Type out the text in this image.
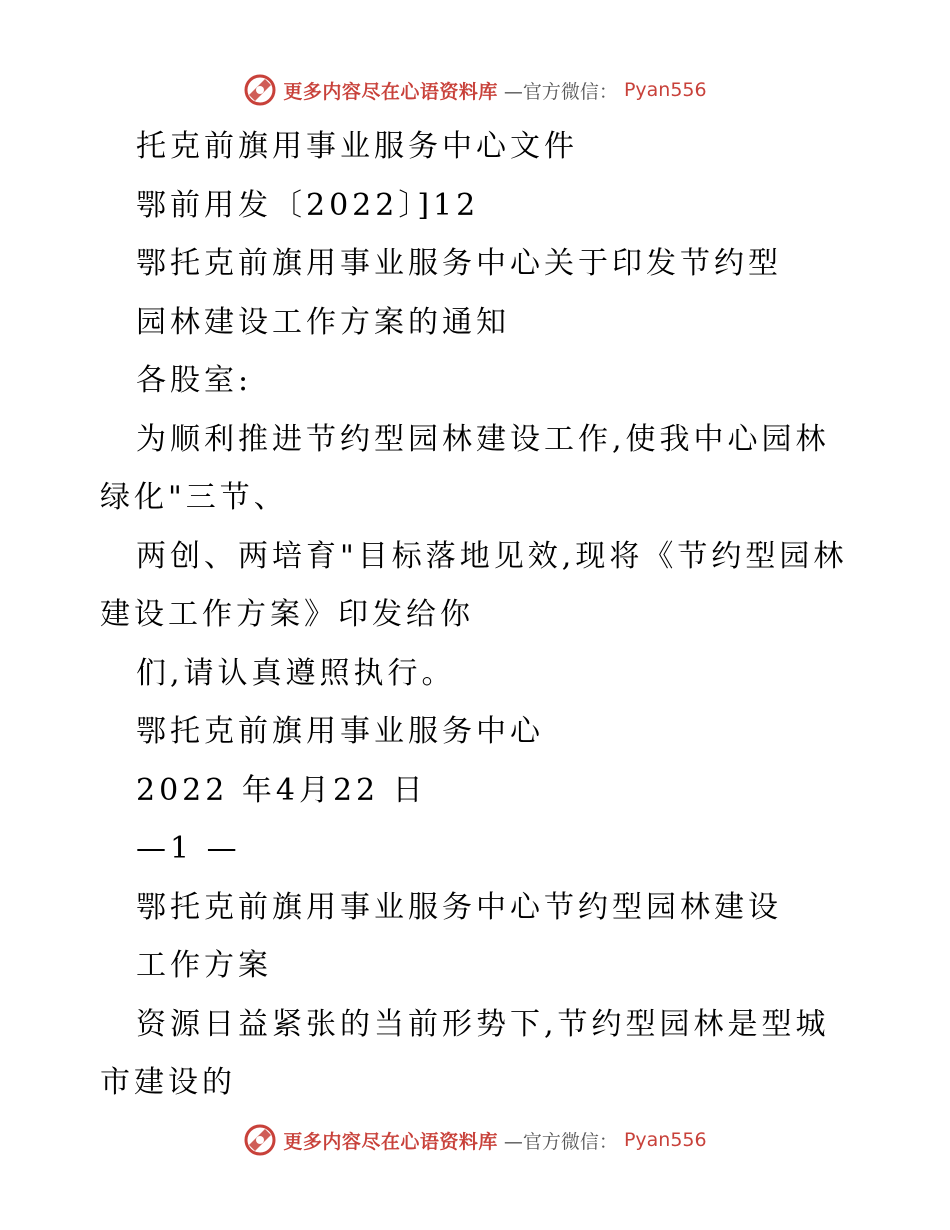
更多内容尽在心语资料库 —官方微信： Pyan556

托克前旗用事业服务中心文件

鄂前用发〔2022〕]12

鄂托克前旗用事业服务中心关于印发节约型

园林建设工作方案的通知

各股室:

为顺利推进节约型园林建设工作,使我中心园林

绿化"三节、

两创、两培育"目标落地见效,现将《节约型园林

建设工作方案》印发给你

们,请认真遵照执行。

鄂托克前旗用事业服务中心

2022 年4月22 日

—1 —

鄂托克前旗用事业服务中心节约型园林建设

工作方案

资源日益紧张的当前形势下,节约型园林是型城

市建设的

更多内容尽在心语资料库 —官方微信： Pyan556
